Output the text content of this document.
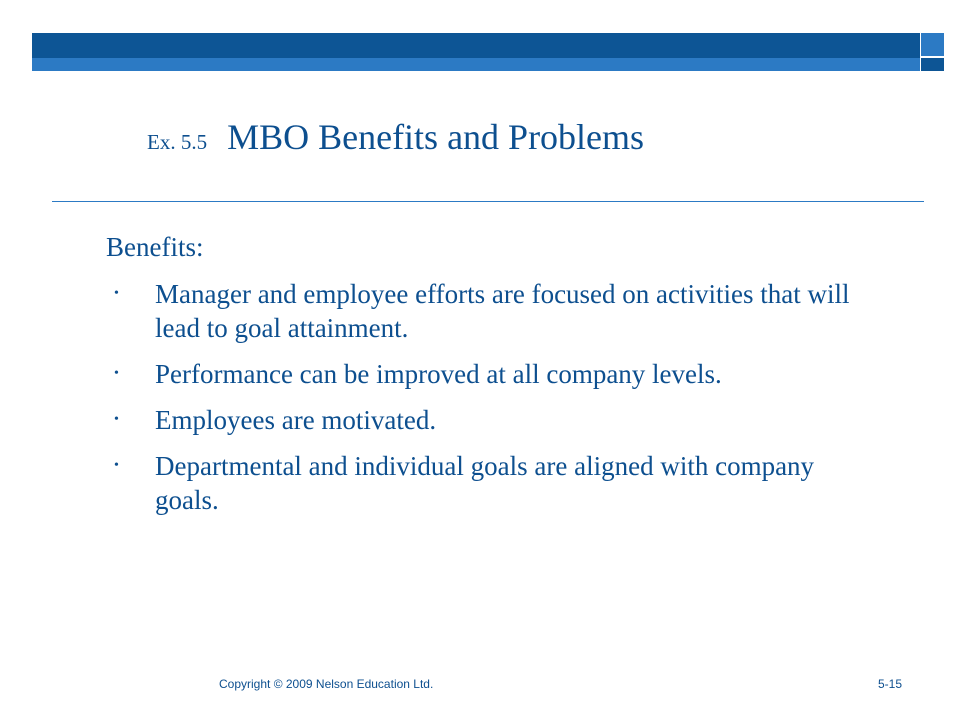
Ex. 5.5 MBO Benefits and Problems
Benefits:
• Manager and employee efforts are focused on activities that will lead to goal attainment.
• Performance can be improved at all company levels.
• Employees are motivated.
• Departmental and individual goals are aligned with company goals.
Copyright © 2009 Nelson Education Ltd.	5-15
